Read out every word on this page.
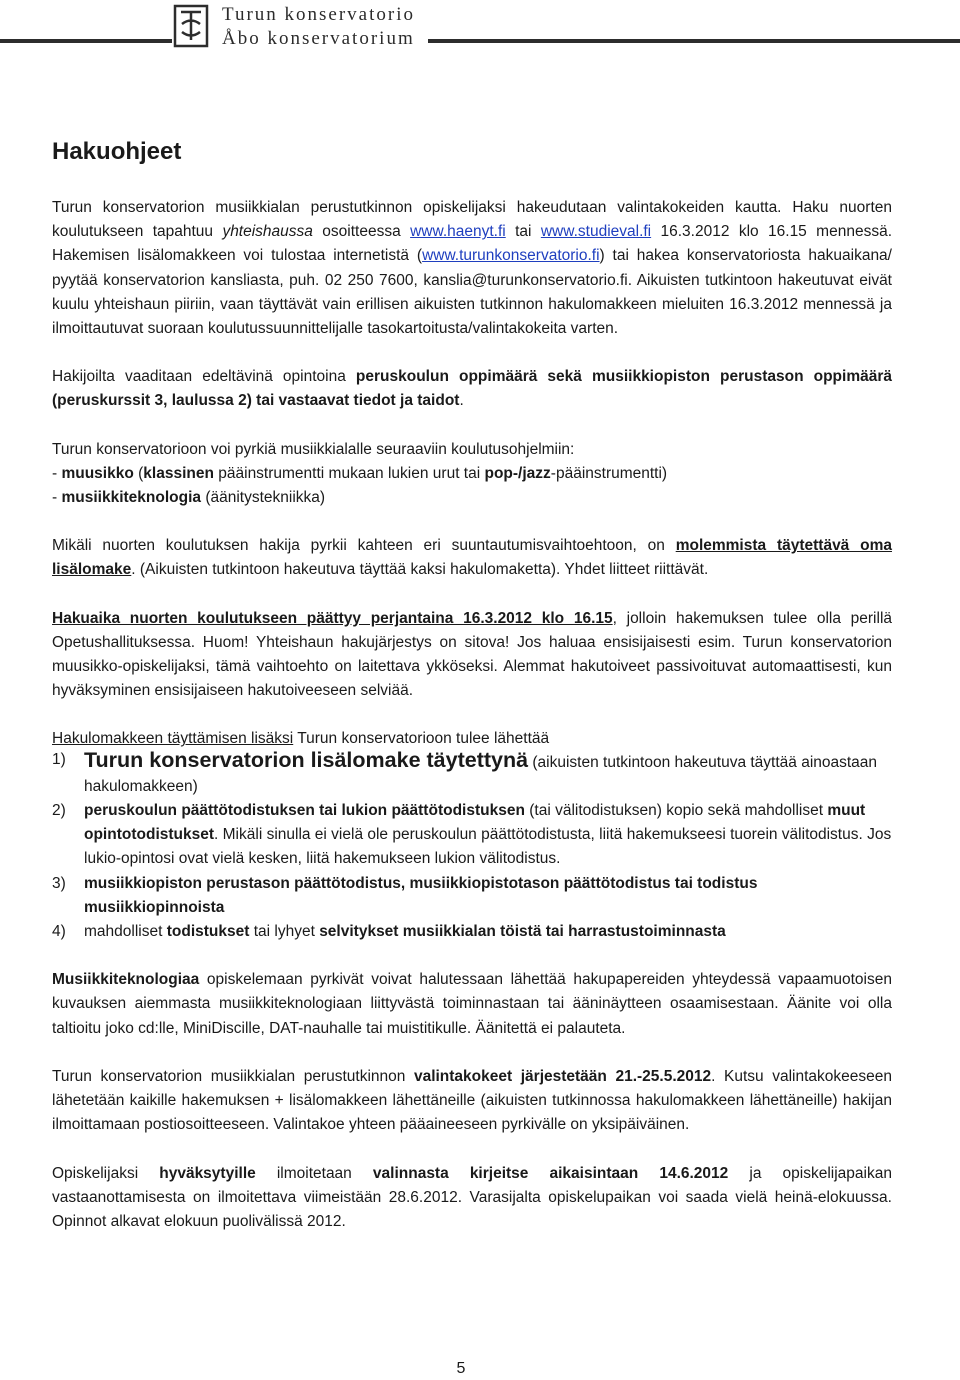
Turun konservatorio
Åbo konservatorium
Hakuohjeet

Turun konservatorion musiikkialan perustutkinnon opiskelijaksi hakeudutaan valintakokeiden kautta. Haku nuorten koulutukseen tapahtuu yhteishaussa osoitteessa www.haenyt.fi tai www.studieval.fi 16.3.2012 klo 16.15 mennessä. Hakemisen lisälomakkeen voi tulostaa internetistä (www.turunkonservatorio.fi) tai hakea konservatoriosta hakuaikana/ pyytää konservatorion kansliasta, puh. 02 250 7600, kanslia@turunkonservatorio.fi. Aikuisten tutkintoon hakeutuvat eivät kuulu yhteishaun piiriin, vaan täyttävät vain erillisen aikuisten tutkinnon hakulomakkeen mieluiten 16.3.2012 mennessä ja ilmoittautuvat suoraan koulutussuunnittelijalle tasokartoitusta/valintakokeita varten.

Hakijoilta vaaditaan edeltävinä opintoina peruskoulun oppimäärä sekä musiikkiopiston perustason oppimäärä (peruskurssit 3, laulussa 2) tai vastaavat tiedot ja taidot.

Turun konservatorioon voi pyrkiä musiikkialalle seuraaviin koulutusohjelmiin:
- muusikko (klassinen pääinstrumentti mukaan lukien urut tai pop-/jazz-pääinstrumentti)
- musiikkiteknologia (äänitystekniikka)

Mikäli nuorten koulutuksen hakija pyrkii kahteen eri suuntautumisvaihtoehtoon, on molemmista täytettävä oma lisälomake. (Aikuisten tutkintoon hakeutuva täyttää kaksi hakulomaketta). Yhdet liitteet riittävät.

Hakuaika nuorten koulutukseen päättyy perjantaina 16.3.2012 klo 16.15, jolloin hakemuksen tulee olla perillä Opetushallituksessa. Huom! Yhteishaun hakujärjestys on sitova! Jos haluaa ensisijaisesti esim. Turun konservatorion muusikko-opiskelijaksi, tämä vaihtoehto on laitettava ykköseksi. Alemmat hakutoiveet passivoituvat automaattisesti, kun hyväksyminen ensisijaiseen hakutoiveeseen selviää.

Hakulomakkeen täyttämisen lisäksi Turun konservatorioon tulee lähettää

1) Turun konservatorion lisälomake täytettynä (aikuisten tutkintoon hakeutuva täyttää ainoastaan hakulomakkeen)
2) peruskoulun päättötodistuksen tai lukion päättötodistuksen (tai välitodistuksen) kopio sekä mahdolliset muut opintotodistukset. Mikäli sinulla ei vielä ole peruskoulun päättötodistusta, liitä hakemukseesi tuorein välitodistus. Jos lukio-opintosi ovat vielä kesken, liitä hakemukseen lukion välitodistus.
3) musiikkiopiston perustason päättötodistus, musiikkiopistotason päättötodistus tai todistus musiikkiopinnoista
4) mahdolliset todistukset tai lyhyet selvitykset musiikkialan töistä tai harrastustoiminnasta

Musiikkiteknologiaa opiskelemaan pyrkivät voivat halutessaan lähettää hakupapereiden yhteydessä vapaamuotoisen kuvauksen aiemmasta musiikkiteknologiaan liittyvästä toiminnastaan tai ääninäytteen osaamisestaan. Äänite voi olla taltioitu joko cd:lle, MiniDiscille, DAT-nauhalle tai muistitikulle. Äänitettä ei palauteta.

Turun konservatorion musiikkialan perustutkinnon valintakokeet järjestetään 21.-25.5.2012. Kutsu valintakokeeseen lähetetään kaikille hakemuksen + lisälomakkeen lähettäneille (aikuisten tutkinnossa hakulomakkeen lähettäneille) hakijan ilmoittamaan postiosoitteeseen. Valintakoe yhteen pääaineeseen pyrkivälle on yksipäiväinen.

Opiskelijaksi hyväksytyille ilmoitetaan valinnasta kirjeitse aikaisintaan 14.6.2012 ja opiskelijapaikan vastaanottamisesta on ilmoitettava viimeistään 28.6.2012. Varasijalta opiskelupaikan voi saada vielä heinä-elokuussa. Opinnot alkavat elokuun puolivälissä 2012.

5
